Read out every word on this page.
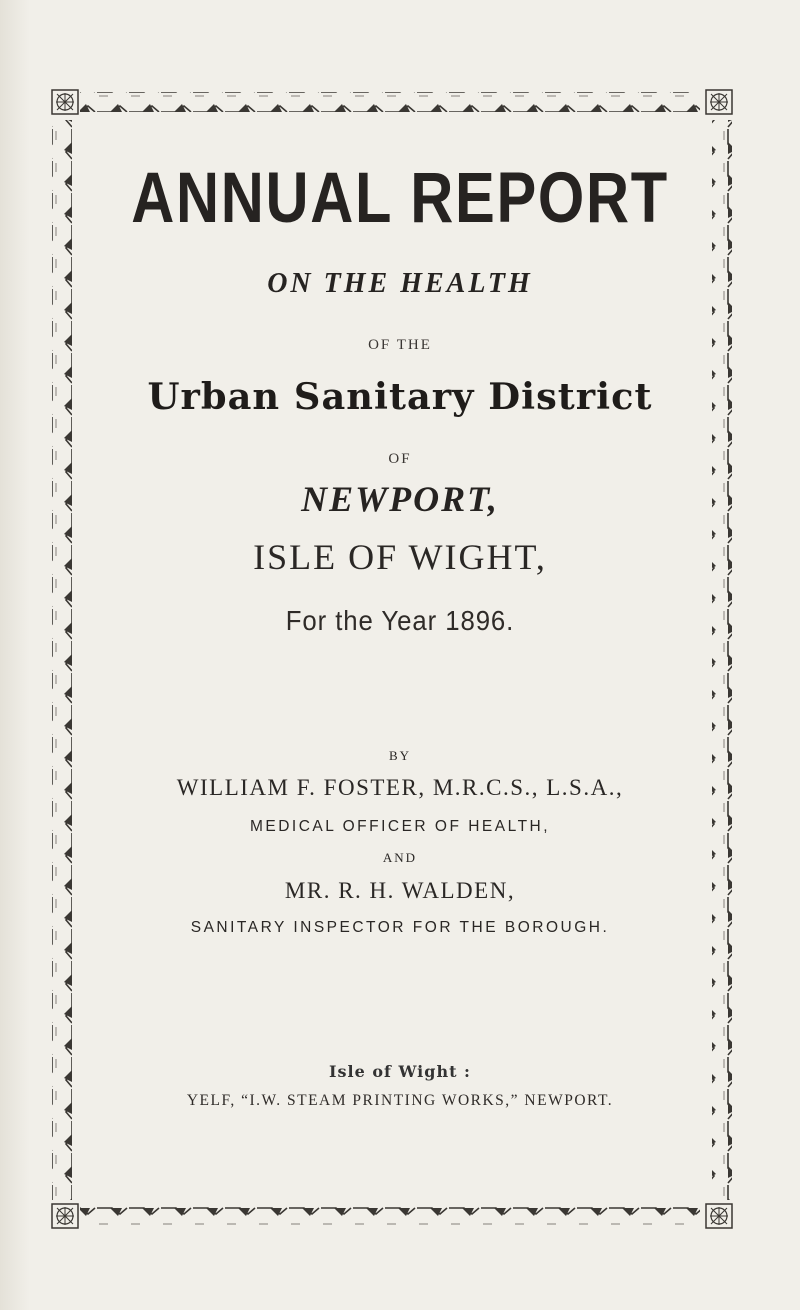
ANNUAL REPORT

ON THE HEALTH

OF THE

Urban Sanitary District

OF

NEWPORT,

ISLE OF WIGHT,

For the Year 1896.

BY

WILLIAM F. FOSTER, M.R.C.S., L.S.A.,

MEDICAL OFFICER OF HEALTH,

AND

MR. R. H. WALDEN,

SANITARY INSPECTOR FOR THE BOROUGH.

Isle of Wight :

YELF, “I.W. STEAM PRINTING WORKS,” NEWPORT.
